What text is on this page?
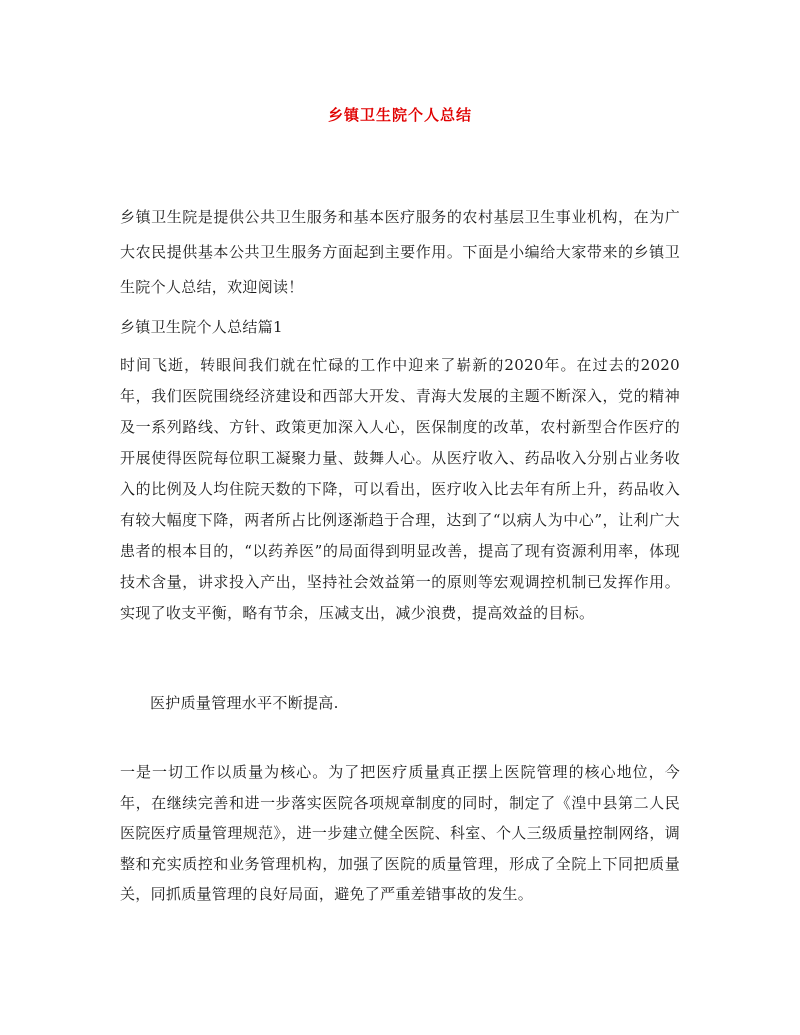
乡镇卫生院个人总结

乡镇卫生院是提供公共卫生服务和基本医疗服务的农村基层卫生事业机构，在为广大农民提供基本公共卫生服务方面起到主要作用。下面是小编给大家带来的乡镇卫生院个人总结，欢迎阅读！

乡镇卫生院个人总结篇1

时间飞逝，转眼间我们就在忙碌的工作中迎来了崭新的2020年。在过去的2020年，我们医院围绕经济建设和西部大开发、青海大发展的主题不断深入，党的精神及一系列路线、方针、政策更加深入人心，医保制度的改革，农村新型合作医疗的开展使得医院每位职工凝聚力量、鼓舞人心。从医疗收入、药品收入分别占业务收入的比例及人均住院天数的下降，可以看出，医疗收入比去年有所上升，药品收入有较大幅度下降，两者所占比例逐渐趋于合理，达到了“以病人为中心”，让利广大患者的根本目的，“以药养医”的局面得到明显改善，提高了现有资源利用率，体现技术含量，讲求投入产出，坚持社会效益第一的原则等宏观调控机制已发挥作用。实现了收支平衡，略有节余，压减支出，减少浪费，提高效益的目标。

医护质量管理水平不断提高.

一是一切工作以质量为核心。为了把医疗质量真正摆上医院管理的核心地位，今年，在继续完善和进一步落实医院各项规章制度的同时，制定了《湟中县第二人民医院医疗质量管理规范》，进一步建立健全医院、科室、个人三级质量控制网络，调整和充实质控和业务管理机构，加强了医院的质量管理，形成了全院上下同把质量关，同抓质量管理的良好局面，避免了严重差错事故的发生。
